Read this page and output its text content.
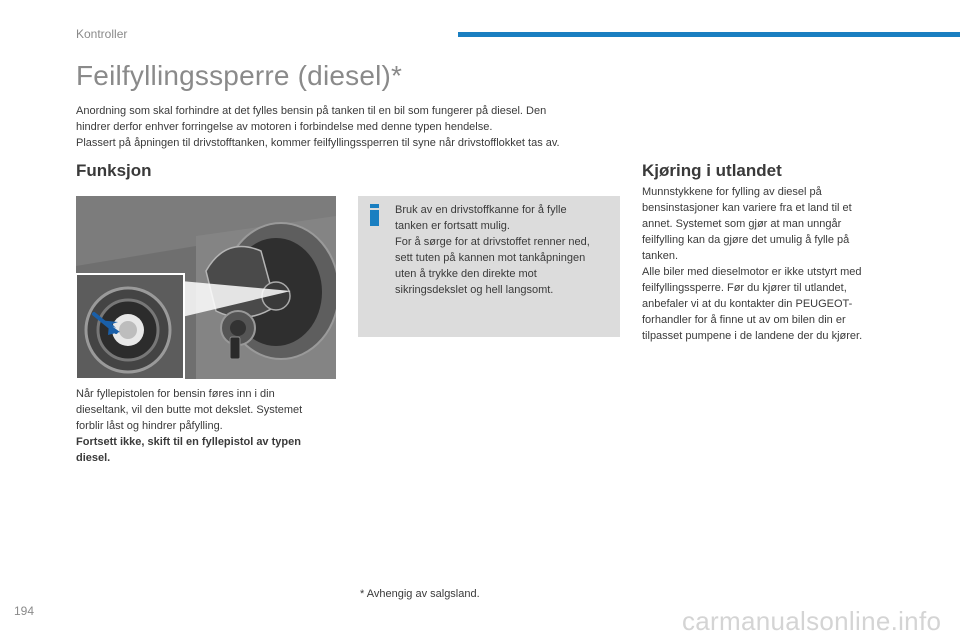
Kontroller
Feilfyllingssperre (diesel)*

Anordning som skal forhindre at det fylles bensin på tanken til en bil som fungerer på diesel. Den

hindrer derfor enhver forringelse av motoren i forbindelse med denne typen hendelse.

Plassert på åpningen til drivstofftanken, kommer feilfyllingssperren til syne når drivstofflokket tas av.

Funksjon

Når fyllepistolen for bensin føres inn i din

dieseltank, vil den butte mot dekslet. Systemet

forblir låst og hindrer påfylling.

Fortsett ikke, skift til en fyllepistol av typen

diesel.

Bruk av en drivstoffkanne for å fylle

tanken er fortsatt mulig.

For å sørge for at drivstoffet renner ned,

sett tuten på kannen mot tankåpningen

uten å trykke den direkte mot

sikringsdekslet og hell langsomt.

Kjøring i utlandet

Munnstykkene for fylling av diesel på

bensinstasjoner kan variere fra et land til et

annet. Systemet som gjør at man unngår

feilfylling kan da gjøre det umulig å fylle på

tanken.

Alle biler med dieselmotor er ikke utstyrt med

feilfyllingssperre. Før du kjører til utlandet,

anbefaler vi at du kontakter din PEUGEOT-

forhandler for å finne ut av om bilen din er

tilpasset pumpene i de landene der du kjører.

* Avhengig av salgsland.
194	carmanualsonline.info
